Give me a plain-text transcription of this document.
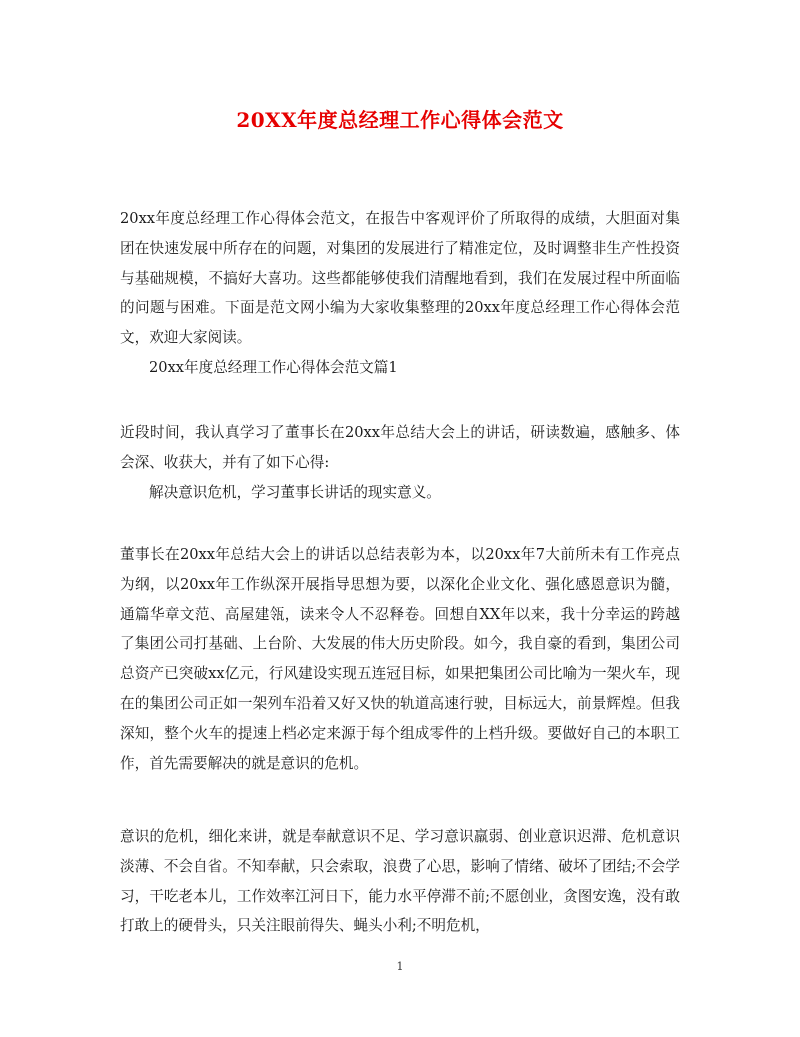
20XX年度总经理工作心得体会范文

20xx年度总经理工作心得体会范文，在报告中客观评价了所取得的成绩，大胆面对集团在快速发展中所存在的问题，对集团的发展进行了精准定位，及时调整非生产性投资与基础规模，不搞好大喜功。这些都能够使我们清醒地看到，我们在发展过程中所面临的问题与困难。下面是范文网小编为大家收集整理的20xx年度总经理工作心得体会范文，欢迎大家阅读。

20xx年度总经理工作心得体会范文篇1

近段时间，我认真学习了董事长在20xx年总结大会上的讲话，研读数遍，感触多、体会深、收获大，并有了如下心得:

解决意识危机，学习董事长讲话的现实意义。

董事长在20xx年总结大会上的讲话以总结表彰为本，以20xx年7大前所未有工作亮点为纲，以20xx年工作纵深开展指导思想为要，以深化企业文化、强化感恩意识为髓，通篇华章文范、高屋建瓴，读来令人不忍释卷。回想自XX年以来，我十分幸运的跨越了集团公司打基础、上台阶、大发展的伟大历史阶段。如今，我自豪的看到，集团公司总资产已突破xx亿元，行风建设实现五连冠目标，如果把集团公司比喻为一架火车，现在的集团公司正如一架列车沿着又好又快的轨道高速行驶，目标远大，前景辉煌。但我深知，整个火车的提速上档必定来源于每个组成零件的上档升级。要做好自己的本职工作，首先需要解决的就是意识的危机。

意识的危机，细化来讲，就是奉献意识不足、学习意识羸弱、创业意识迟滞、危机意识淡薄、不会自省。不知奉献，只会索取，浪费了心思，影响了情绪、破坏了团结;不会学习，干吃老本儿，工作效率江河日下，能力水平停滞不前;不愿创业，贪图安逸，没有敢打敢上的硬骨头，只关注眼前得失、蝇头小利;不明危机，

1
